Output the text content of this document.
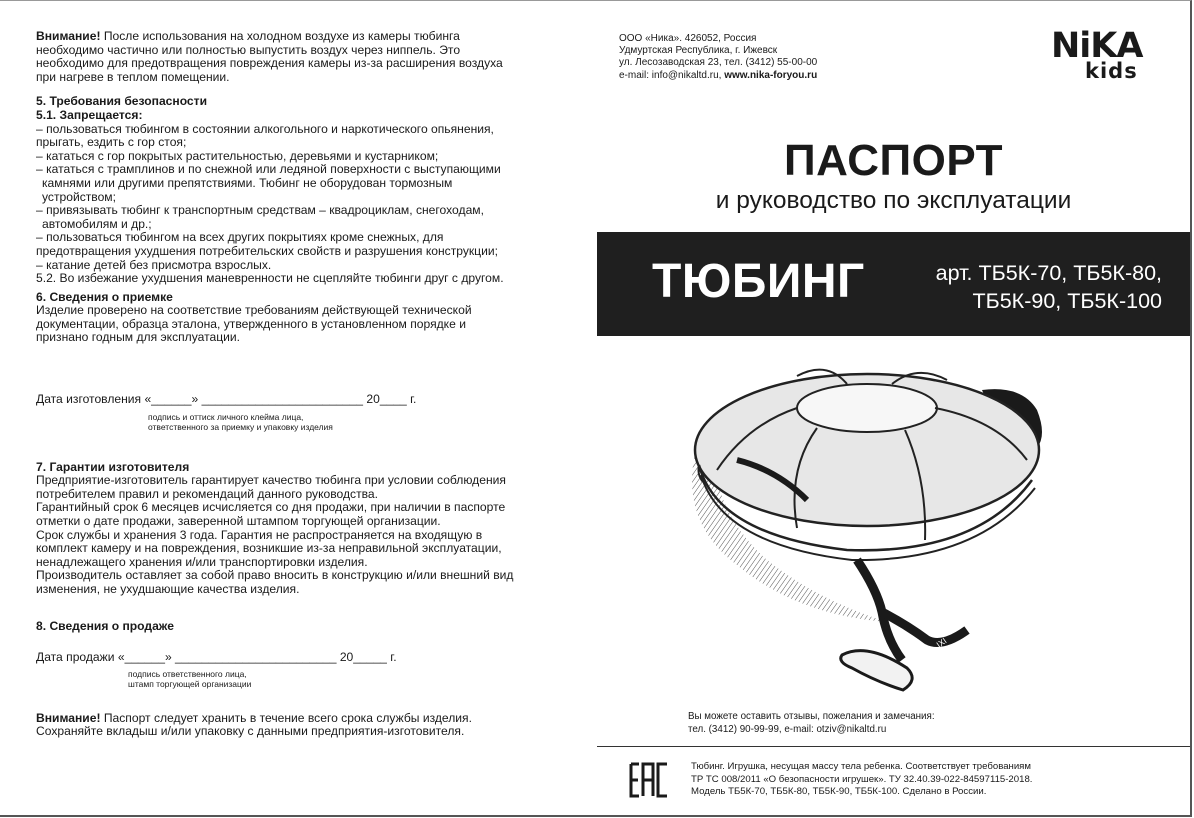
Внимание! После использования на холодном воздухе из камеры тюбинга

необходимо частично или полностью выпустить воздух через ниппель. Это

необходимо для предотвращения повреждения камеры из-за расширения воздуха

при нагреве в теплом помещении.

5. Требования безопасности

5.1. Запрещается:

– пользоваться тюбингом в состоянии алкогольного и наркотического опьянения,

прыгать, ездить с гор стоя;

– кататься с гор покрытых растительностью, деревьями и кустарником;

– кататься с трамплинов и по снежной или ледяной поверхности с выступающими

камнями или другими препятствиями. Тюбинг не оборудован тормозным

устройством;

– привязывать тюбинг к транспортным средствам – квадроциклам, снегоходам,

автомобилям и др.;

– пользоваться тюбингом на всех других покрытиях кроме снежных, для

предотвращения ухудшения потребительских свойств и разрушения конструкции;

– катание детей без присмотра взрослых.

5.2. Во избежание ухудшения маневренности не сцепляйте тюбинги друг с другом.

6. Сведения о приемке

Изделие проверено на соответствие требованиям действующей технической

документации, образца эталона, утвержденного в установленном порядке и

признано годным для эксплуатации.

Дата изготовления «______» ________________________ 20____ г.

подпись и оттиск личного клейма лица,
ответственного за приемку и упаковку изделия

7. Гарантии изготовителя

Предприятие-изготовитель гарантирует качество тюбинга при условии соблюдения

потребителем правил и рекомендаций данного руководства.

Гарантийный срок 6 месяцев исчисляется со дня продажи, при наличии в паспорте

отметки о дате продажи, заверенной штампом торгующей организации.

Срок службы и хранения 3 года. Гарантия не распространяется на входящую в

комплект камеру и на повреждения, возникшие из-за неправильной эксплуатации,

ненадлежащего хранения и/или транспортировки изделия.

Производитель оставляет за собой право вносить в конструкцию и/или внешний вид

изменения, не ухудшающие качества изделия.

8. Сведения о продаже

Дата продажи «______» ________________________ 20_____ г.

подпись ответственного лица,
штамп торгующей организации

Внимание! Паспорт следует хранить в течение всего срока службы изделия.

Сохраняйте вкладыш и/или упаковку с данными предприятия-изготовителя.

ООО «Ника». 426052, Россия
Удмуртская Республика, г. Ижевск
ул. Лесозаводская 23, тел. (3412) 55-00-00
e-mail: info@nikaltd.ru, www.nika-foryou.ru
NiKA
kids
ПАСПОРТ
и руководство по эксплуатации
ТЮБИНГ	арт. ТБ5К-70, ТБ5К-80,
ТБ5К-90, ТБ5К-100
IXI
Вы можете оставить отзывы, пожелания и замечания:
тел. (3412) 90-99-99, e-mail: otziv@nikaltd.ru
Тюбинг. Игрушка, несущая массу тела ребенка. Соответствует требованиям
ТР ТС 008/2011 «О безопасности игрушек». ТУ 32.40.39-022-84597115-2018.
Модель ТБ5К-70, ТБ5К-80, ТБ5К-90, ТБ5К-100. Сделано в России.
